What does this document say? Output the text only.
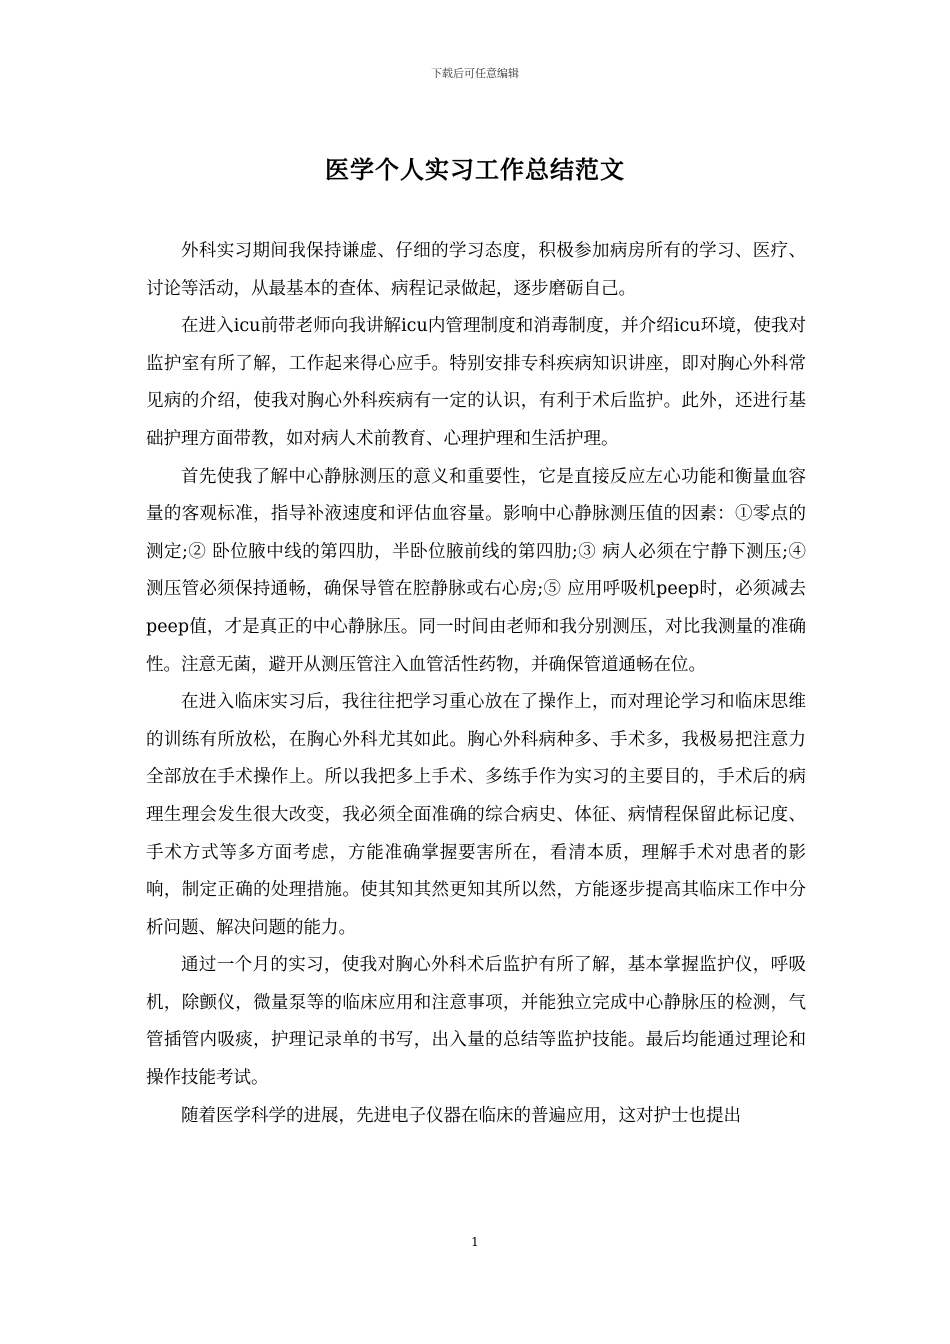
下载后可任意编辑
医学个人实习工作总结范文

外科实习期间我保持谦虚、仔细的学习态度，积极参加病房所有的学习、医疗、讨论等活动，从最基本的查体、病程记录做起，逐步磨砺自己。

在进入icu前带老师向我讲解icu内管理制度和消毒制度，并介绍icu环境，使我对监护室有所了解，工作起来得心应手。特别安排专科疾病知识讲座，即对胸心外科常见病的介绍，使我对胸心外科疾病有一定的认识，有利于术后监护。此外，还进行基础护理方面带教，如对病人术前教育、心理护理和生活护理。

首先使我了解中心静脉测压的意义和重要性，它是直接反应左心功能和衡量血容量的客观标准，指导补液速度和评估血容量。影响中心静脉测压值的因素：①零点的测定;② 卧位腋中线的第四肋，半卧位腋前线的第四肋;③ 病人必须在宁静下测压;④ 测压管必须保持通畅，确保导管在腔静脉或右心房;⑤ 应用呼吸机peep时，必须减去peep值，才是真正的中心静脉压。同一时间由老师和我分别测压，对比我测量的准确性。注意无菌，避开从测压管注入血管活性药物，并确保管道通畅在位。

在进入临床实习后，我往往把学习重心放在了操作上，而对理论学习和临床思维的训练有所放松，在胸心外科尤其如此。胸心外科病种多、手术多，我极易把注意力全部放在手术操作上。所以我把多上手术、多练手作为实习的主要目的，手术后的病理生理会发生很大改变，我必须全面准确的综合病史、体征、病情程保留此标记度、手术方式等多方面考虑，方能准确掌握要害所在，看清本质，理解手术对患者的影响，制定正确的处理措施。使其知其然更知其所以然，方能逐步提高其临床工作中分析问题、解决问题的能力。

通过一个月的实习，使我对胸心外科术后监护有所了解，基本掌握监护仪，呼吸机，除颤仪，微量泵等的临床应用和注意事项，并能独立完成中心静脉压的检测，气管插管内吸痰，护理记录单的书写，出入量的总结等监护技能。最后均能通过理论和操作技能考试。

随着医学科学的进展，先进电子仪器在临床的普遍应用，这对护士也提出

1
